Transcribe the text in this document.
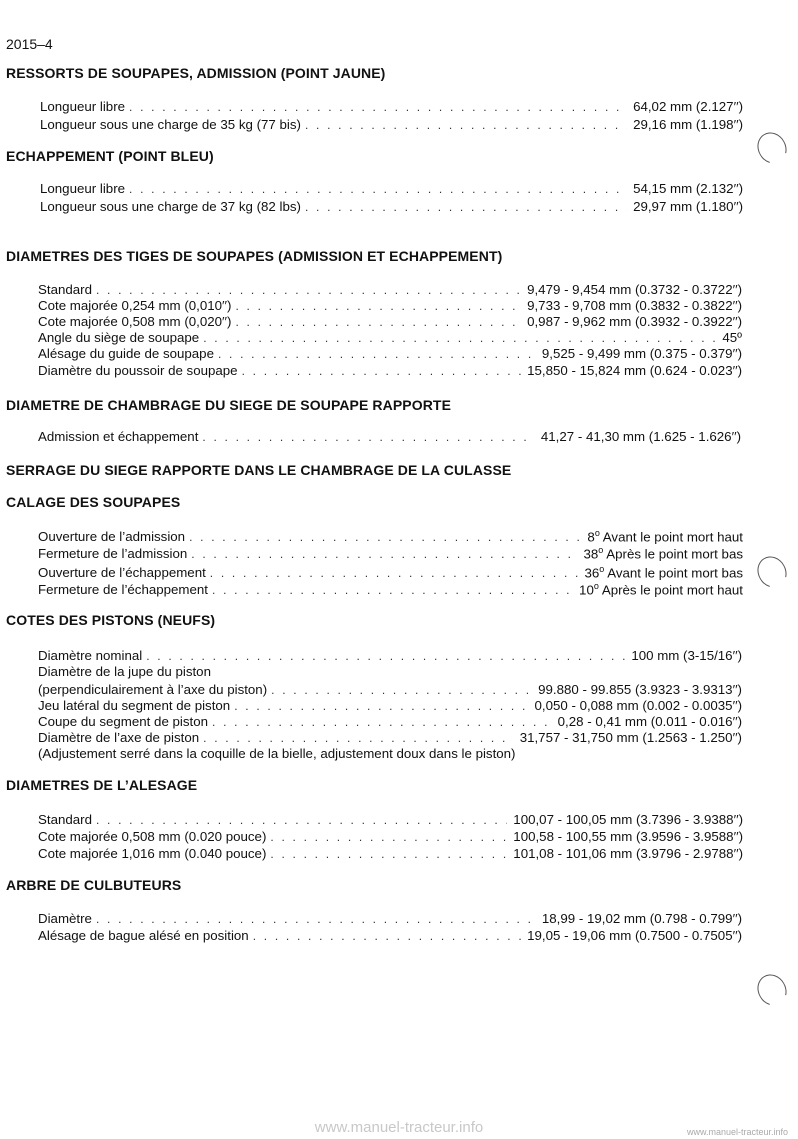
2015–4
RESSORTS DE SOUPAPES, ADMISSION (POINT JAUNE)
Longueur libre . . .	64,02 mm (2.127′′)
Longueur sous une charge de 35 kg (77 bis) . . .	29,16 mm (1.198′′)
ECHAPPEMENT (POINT BLEU)
Longueur libre . . .	54,15 mm (2.132′′)
Longueur sous une charge de 37 kg (82 lbs) . . .	29,97 mm (1.180′′)
DIAMETRES DES TIGES DE SOUPAPES (ADMISSION ET ECHAPPEMENT)
Standard . . .	9,479 - 9,454 mm (0.3732 - 0.3722′′)
Cote majorée 0,254 mm (0,010′′) . . .	9,733 - 9,708 mm (0.3832 - 0.3822′′)
Cote majorée 0,508 mm (0,020′′) . . .	0,987 - 9,962 mm (0.3932 - 0.3922′′)
Angle du siège de soupape . . .	45º
Alésage du guide de soupape . . .	9,525 - 9,499 mm (0.375 - 0.379′′)
Diamètre du poussoir de soupape . . .	15,850 - 15,824 mm (0.624 - 0.023′′)
DIAMETRE DE CHAMBRAGE DU SIEGE DE SOUPAPE RAPPORTE
Admission et échappement . . .	41,27 - 41,30 mm (1.625 - 1.626′′)
SERRAGE DU SIEGE RAPPORTE DANS LE CHAMBRAGE DE LA CULASSE
CALAGE DES SOUPAPES
Ouverture de l’admission . . .	8$^o$ Avant le point mort haut
Fermeture de l’admission . . .	38$^o$ Après le point mort bas
Ouverture de l’échappement . . .	36$^o$ Avant le point mort bas
Fermeture de l’échappement . . .	10$^o$ Après le point mort haut
COTES DES PISTONS (NEUFS)
Diamètre nominal . . .	100 mm (3-15/16′′)
Diamètre de la jupe du piston
(perpendiculairement à l’axe du piston) . . .	99.880 - 99.855 (3.9323 - 3.9313′′)
Jeu latéral du segment de piston . . .	0,050 - 0,088 mm (0.002 - 0.0035′′)
Coupe du segment de piston . . .	0,28 - 0,41 mm (0.011 - 0.016′′)
Diamètre de l’axe de piston . . .	31,757 - 31,750 mm (1.2563 - 1.250′′)
(Adjustement serré dans la coquille de la bielle, adjustement doux dans le piston)
DIAMETRES DE L’ALESAGE
Standard . . .	100,07 - 100,05 mm (3.7396 - 3.9388′′)
Cote majorée 0,508 mm (0.020 pouce) . . .	100,58 - 100,55 mm (3.9596 - 3.9588′′)
Cote majorée 1,016 mm (0.040 pouce) . . .	101,08 - 101,06 mm (3.9796 - 2.9788′′)
ARBRE DE CULBUTEURS
Diamètre . . .	18,99 - 19,02 mm (0.798 - 0.799′′)
Alésage de bague alésé en position . . .	19,05 - 19,06 mm (0.7500 - 0.7505′′)
www.manuel-tracteur.info	www.manuel-tracteur.info
